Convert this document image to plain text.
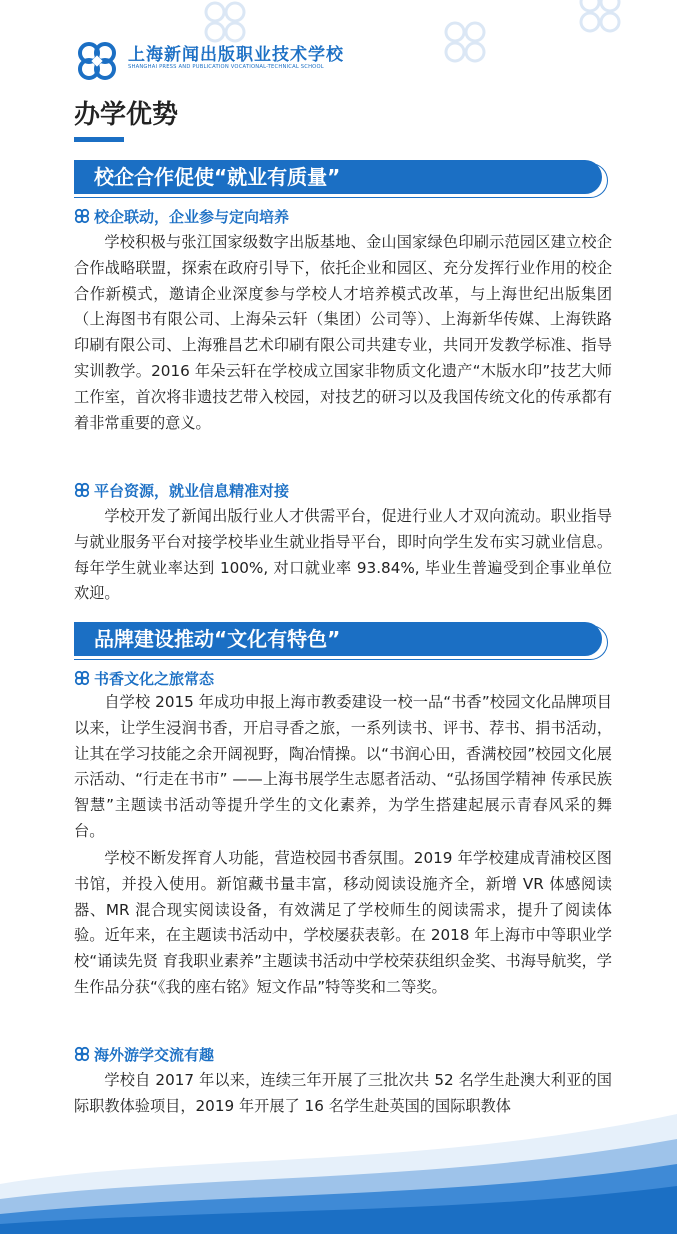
上海新闻出版职业技术学校
SHANGHAI PRESS AND PUBLICATION VOCATIONAL-TECHNICAL SCHOOL
办学优势
校企合作促使“就业有质量”
校企联动，企业参与定向培养

学校积极与张江国家级数字出版基地、金山国家绿色印刷示范园区建立校企合作战略联盟，探索在政府引导下，依托企业和园区、充分发挥行业作用的校企合作新模式，邀请企业深度参与学校人才培养模式改革，与上海世纪出版集团（上海图书有限公司、上海朵云轩（集团）公司等）、上海新华传媒、上海铁路印刷有限公司、上海雅昌艺术印刷有限公司共建专业，共同开发教学标准、指导实训教学。2016 年朵云轩在学校成立国家非物质文化遗产“木版水印”技艺大师工作室，首次将非遗技艺带入校园，对技艺的研习以及我国传统文化的传承都有着非常重要的意义。

平台资源，就业信息精准对接

学校开发了新闻出版行业人才供需平台，促进行业人才双向流动。职业指导与就业服务平台对接学校毕业生就业指导平台，即时向学生发布实习就业信息。每年学生就业率达到 100%, 对口就业率 93.84%, 毕业生普遍受到企事业单位欢迎。

品牌建设推动“文化有特色”
书香文化之旅常态

自学校 2015 年成功申报上海市教委建设一校一品“书香”校园文化品牌项目以来，让学生浸润书香，开启寻香之旅，一系列读书、评书、荐书、捐书活动，让其在学习技能之余开阔视野，陶冶情操。以“书润心田，香满校园”校园文化展示活动、“行走在书市” ——上海书展学生志愿者活动、“弘扬国学精神 传承民族智慧”主题读书活动等提升学生的文化素养，为学生搭建起展示青春风采的舞台。

学校不断发挥育人功能，营造校园书香氛围。2019 年学校建成青浦校区图书馆，并投入使用。新馆藏书量丰富，移动阅读设施齐全，新增 VR 体感阅读器、MR 混合现实阅读设备，有效满足了学校师生的阅读需求，提升了阅读体验。近年来，在主题读书活动中，学校屡获表彰。在 2018 年上海市中等职业学校“诵读先贤 育我职业素养”主题读书活动中学校荣获组织金奖、书海导航奖，学生作品分获“《我的座右铭》短文作品”特等奖和二等奖。

海外游学交流有趣

学校自 2017 年以来，连续三年开展了三批次共 52 名学生赴澳大利亚的国际职教体验项目，2019 年开展了 16 名学生赴英国的国际职教体
